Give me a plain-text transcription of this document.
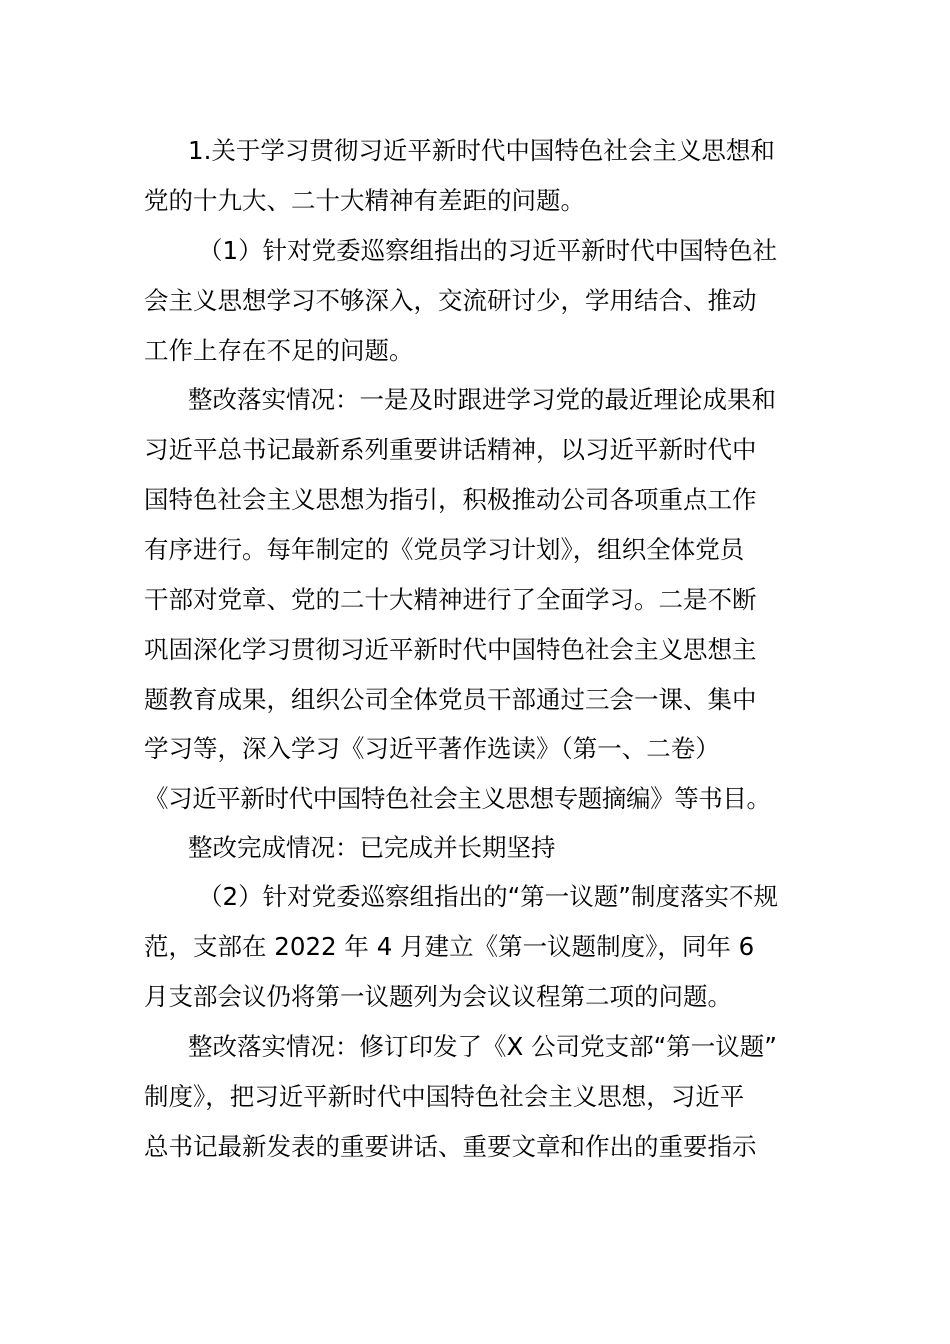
1.关于学习贯彻习近平新时代中国特色社会主义思想和
党的十九大、二十大精神有差距的问题。
（1）针对党委巡察组指出的习近平新时代中国特色社
会主义思想学习不够深入，交流研讨少，学用结合、推动
工作上存在不足的问题。
整改落实情况：一是及时跟进学习党的最近理论成果和
习近平总书记最新系列重要讲话精神，以习近平新时代中
国特色社会主义思想为指引，积极推动公司各项重点工作
有序进行。每年制定的《党员学习计划》，组织全体党员
干部对党章、党的二十大精神进行了全面学习。二是不断
巩固深化学习贯彻习近平新时代中国特色社会主义思想主
题教育成果，组织公司全体党员干部通过三会一课、集中
学习等，深入学习《习近平著作选读》（第一、二卷）
《习近平新时代中国特色社会主义思想专题摘编》等书目。
整改完成情况：已完成并长期坚持
（2）针对党委巡察组指出的“第一议题”制度落实不规
范，支部在 2022 年 4 月建立《第一议题制度》，同年 6
月支部会议仍将第一议题列为会议议程第二项的问题。
整改落实情况：修订印发了《X 公司党支部“第一议题”
制度》，把习近平新时代中国特色社会主义思想，习近平
总书记最新发表的重要讲话、重要文章和作出的重要指示
